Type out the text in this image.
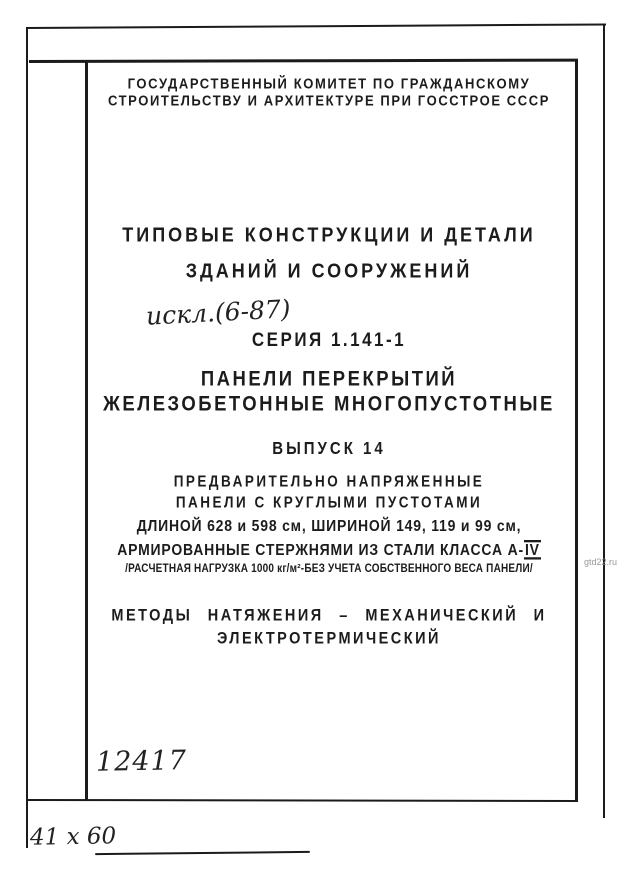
ГОСУДАРСТВЕННЫЙ КОМИТЕТ ПО ГРАЖДАНСКОМУ
СТРОИТЕЛЬСТВУ И АРХИТЕКТУРЕ ПРИ ГОССТРОЕ СССР
ТИПОВЫЕ КОНСТРУКЦИИ И ДЕТАЛИ
ЗДАНИЙ И СООРУЖЕНИЙ
искл.(6-87)
СЕРИЯ 1.141-1
ПАНЕЛИ ПЕРЕКРЫТИЙ
ЖЕЛЕЗОБЕТОННЫЕ МНОГОПУСТОТНЫЕ
ВЫПУСК 14
ПРЕДВАРИТЕЛЬНО НАПРЯЖЕННЫЕ
ПАНЕЛИ С КРУГЛЫМИ ПУСТОТАМИ
ДЛИНОЙ 628 и 598 см, ШИРИНОЙ 149, 119 и 99 см,
АРМИРОВАННЫЕ СТЕРЖНЯМИ ИЗ СТАЛИ КЛАССА А-IV
/РАСЧЕТНАЯ НАГРУЗКА 1000 кг/м²-БЕЗ УЧЕТА СОБСТВЕННОГО ВЕСА ПАНЕЛИ/
МЕТОДЫ НАТЯЖЕНИЯ – МЕХАНИЧЕСКИЙ И
ЭЛЕКТРОТЕРМИЧЕСКИЙ
12417
41 х 60
gtd22.ru
